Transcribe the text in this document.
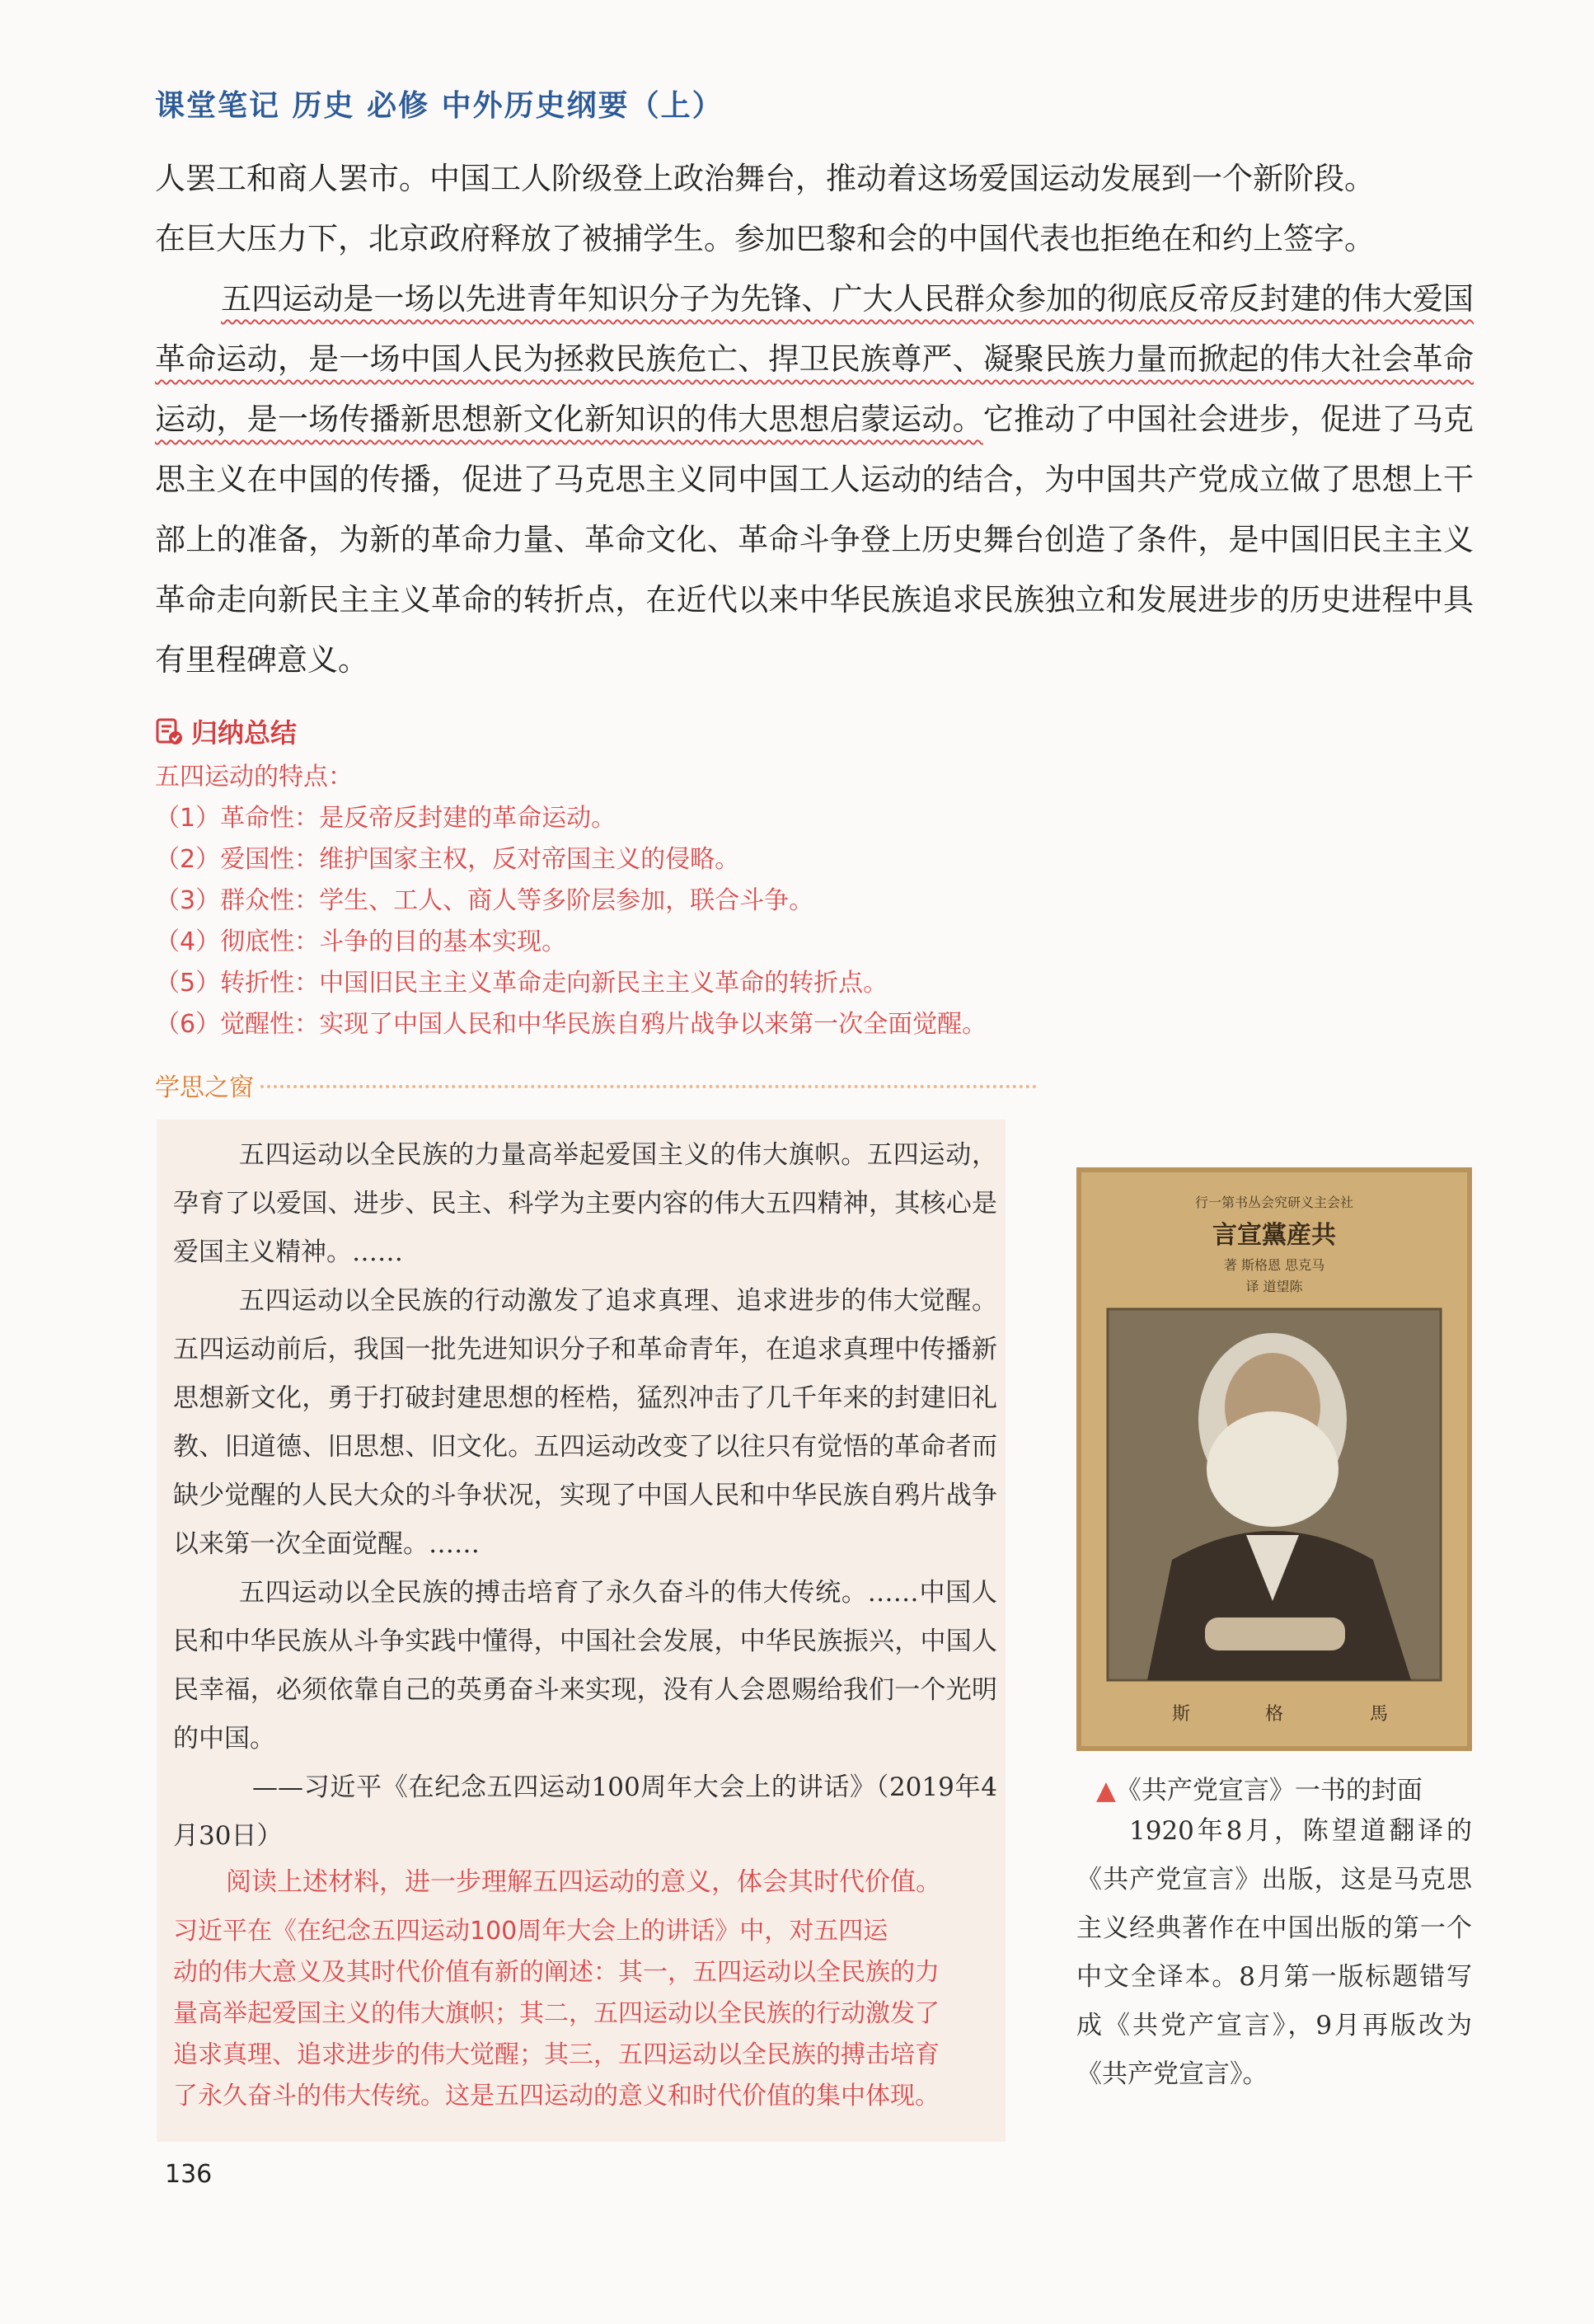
课堂笔记 历史 必修 中外历史纲要（上）

人罢工和商人罢市。中国工人阶级登上政治舞台，推动着这场爱国运动发展到一个新阶段。

在巨大压力下，北京政府释放了被捕学生。参加巴黎和会的中国代表也拒绝在和约上签字。

五四运动是一场以先进青年知识分子为先锋、广大人民群众参加的彻底反帝反封建的伟大爱国革命运动，是一场中国人民为拯救民族危亡、捍卫民族尊严、凝聚民族力量而掀起的伟大社会革命运动，是一场传播新思想新文化新知识的伟大思想启蒙运动。它推动了中国社会进步，促进了马克思主义在中国的传播，促进了马克思主义同中国工人运动的结合，为中国共产党成立做了思想上干部上的准备，为新的革命力量、革命文化、革命斗争登上历史舞台创造了条件，是中国旧民主主义革命走向新民主主义革命的转折点，在近代以来中华民族追求民族独立和发展进步的历史进程中具有里程碑意义。

归纳总结
五四运动的特点：
（1）革命性：是反帝反封建的革命运动。
（2）爱国性：维护国家主权，反对帝国主义的侵略。
（3）群众性：学生、工人、商人等多阶层参加，联合斗争。
（4）彻底性：斗争的目的基本实现。
（5）转折性：中国旧民主主义革命走向新民主主义革命的转折点。
（6）觉醒性：实现了中国人民和中华民族自鸦片战争以来第一次全面觉醒。
学思之窗

五四运动以全民族的力量高举起爱国主义的伟大旗帜。五四运动，孕育了以爱国、进步、民主、科学为主要内容的伟大五四精神，其核心是爱国主义精神。……

五四运动以全民族的行动激发了追求真理、追求进步的伟大觉醒。五四运动前后，我国一批先进知识分子和革命青年，在追求真理中传播新思想新文化，勇于打破封建思想的桎梏，猛烈冲击了几千年来的封建旧礼教、旧道德、旧思想、旧文化。五四运动改变了以往只有觉悟的革命者而缺少觉醒的人民大众的斗争状况，实现了中国人民和中华民族自鸦片战争以来第一次全面觉醒。……

五四运动以全民族的搏击培育了永久奋斗的伟大传统。……中国人民和中华民族从斗争实践中懂得，中国社会发展，中华民族振兴，中国人民幸福，必须依靠自己的英勇奋斗来实现，没有人会恩赐给我们一个光明的中国。

——习近平《在纪念五四运动100周年大会上的讲话》（2019年4月30日）

阅读上述材料，进一步理解五四运动的意义，体会其时代价值。
习近平在《在纪念五四运动100周年大会上的讲话》中，对五四运
动的伟大意义及其时代价值有新的阐述：其一，五四运动以全民族的力
量高举起爱国主义的伟大旗帜；其二，五四运动以全民族的行动激发了
追求真理、追求进步的伟大觉醒；其三，五四运动以全民族的搏击培育
了永久奋斗的伟大传统。这是五四运动的意义和时代价值的集中体现。
行一第书丛会究研义主会社
言宣黨産共
著 斯格恩 思克马
译 道望陈
斯	格	馬
▲《共产党宣言》一书的封面

1920年8月，陈望道翻译的《共产党宣言》出版，这是马克思主义经典著作在中国出版的第一个中文全译本。8月第一版标题错写成《共党产宣言》，9月再版改为《共产党宣言》。

136
